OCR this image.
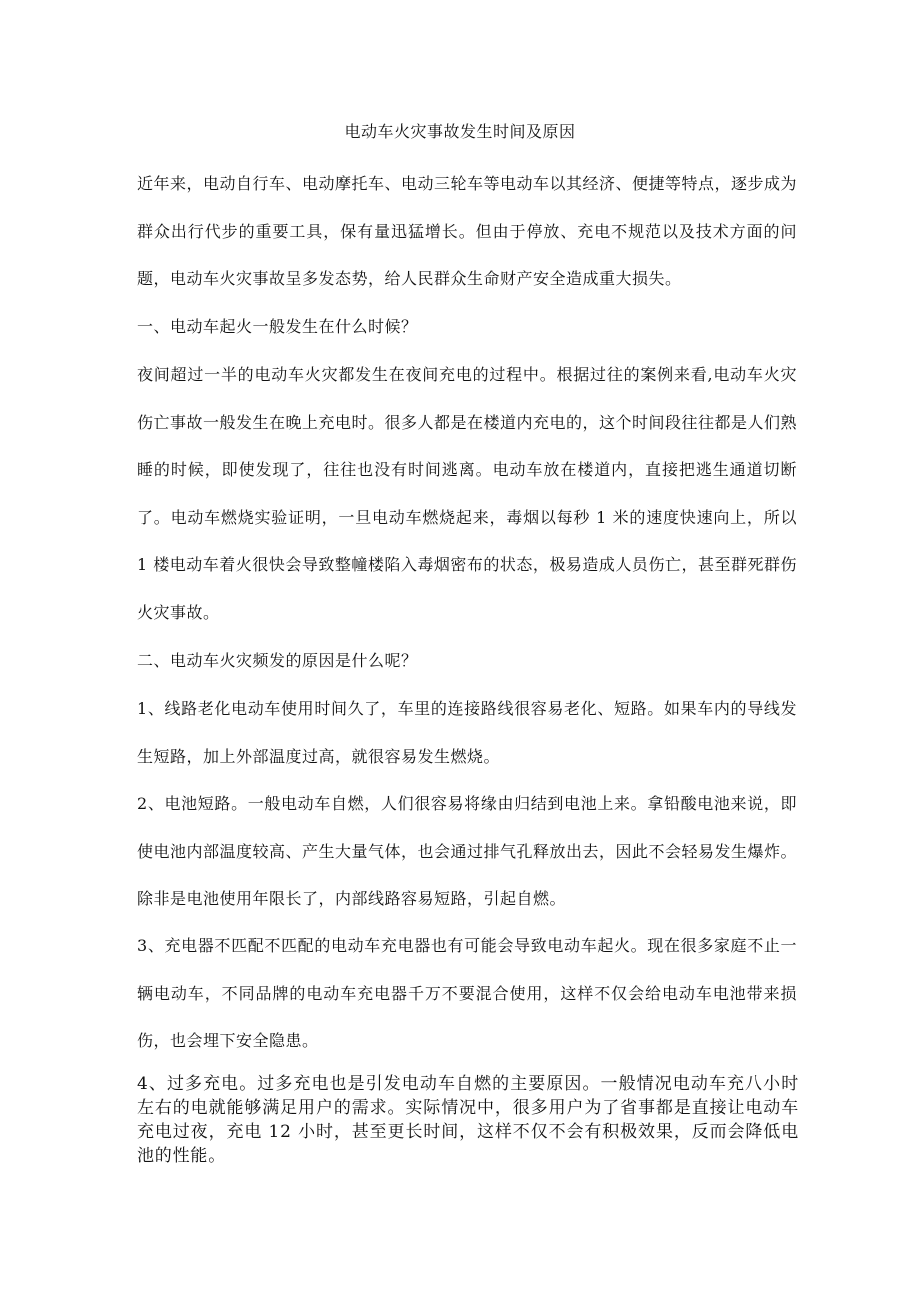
电动车火灾事故发生时间及原因
近年来，电动自行车、电动摩托车、电动三轮车等电动车以其经济、便捷等特点，逐步成为群众出行代步的重要工具，保有量迅猛增长。但由于停放、充电不规范以及技术方面的问题，电动车火灾事故呈多发态势，给人民群众生命财产安全造成重大损失。
一、电动车起火一般发生在什么时候？
夜间超过一半的电动车火灾都发生在夜间充电的过程中。根据过往的案例来看,电动车火灾伤亡事故一般发生在晚上充电时。很多人都是在楼道内充电的，这个时间段往往都是人们熟睡的时候，即使发现了，往往也没有时间逃离。电动车放在楼道内，直接把逃生通道切断了。电动车燃烧实验证明，一旦电动车燃烧起来，毒烟以每秒 1 米的速度快速向上，所以 1 楼电动车着火很快会导致整幢楼陷入毒烟密布的状态，极易造成人员伤亡，甚至群死群伤火灾事故。
二、电动车火灾频发的原因是什么呢？
1、线路老化电动车使用时间久了，车里的连接路线很容易老化、短路。如果车内的导线发生短路，加上外部温度过高，就很容易发生燃烧。
2、电池短路。一般电动车自燃，人们很容易将缘由归结到电池上来。拿铅酸电池来说，即使电池内部温度较高、产生大量气体，也会通过排气孔释放出去，因此不会轻易发生爆炸。除非是电池使用年限长了，内部线路容易短路，引起自燃。
3、充电器不匹配不匹配的电动车充电器也有可能会导致电动车起火。现在很多家庭不止一辆电动车，不同品牌的电动车充电器千万不要混合使用，这样不仅会给电动车电池带来损伤，也会埋下安全隐患。
4、过多充电。过多充电也是引发电动车自燃的主要原因。一般情况电动车充八小时左右的电就能够满足用户的需求。实际情况中，很多用户为了省事都是直接让电动车充电过夜，充电 12 小时，甚至更长时间，这样不仅不会有积极效果，反而会降低电池的性能。
